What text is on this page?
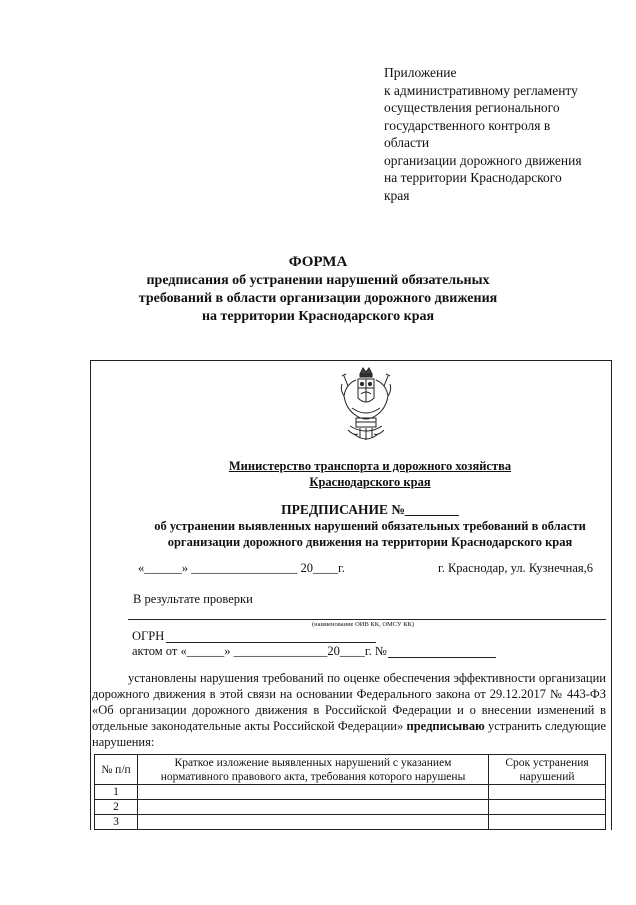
Приложение
к административному регламенту
осуществления регионального
государственного контроля в
области
организации дорожного движения
на территории Краснодарского
края
ФОРМА
предписания об устранении нарушений обязательных
требований в области организации дорожного движения
на территории Краснодарского края
Министерство транспорта и дорожного хозяйства
Краснодарского края
ПРЕДПИСАНИЕ №________
об устранении выявленных нарушений обязательных требований в области
организации дорожного движения на территории Краснодарского края
«______» _________________ 20____г.	г. Краснодар, ул. Кузнечная,6
В результате проверки
(наименование ОИВ КК, ОМСУ КК)
ОГРН
актом от «______» _______________20____г. №
установлены нарушения требований по оценке обеспечения эффективности организации дорожного движения в этой связи на основании Федерального закона от 29.12.2017 № 443-ФЗ «Об организации дорожного движения в Российской Федерации и о внесении изменений в отдельные законодательные акты Российской Федерации» предписываю устранить следующие нарушения:
№ п/п	Краткое изложение выявленных нарушений с указанием нормативного правового акта, требования которого нарушены	Срок устранения нарушений
1		
2		
3		
